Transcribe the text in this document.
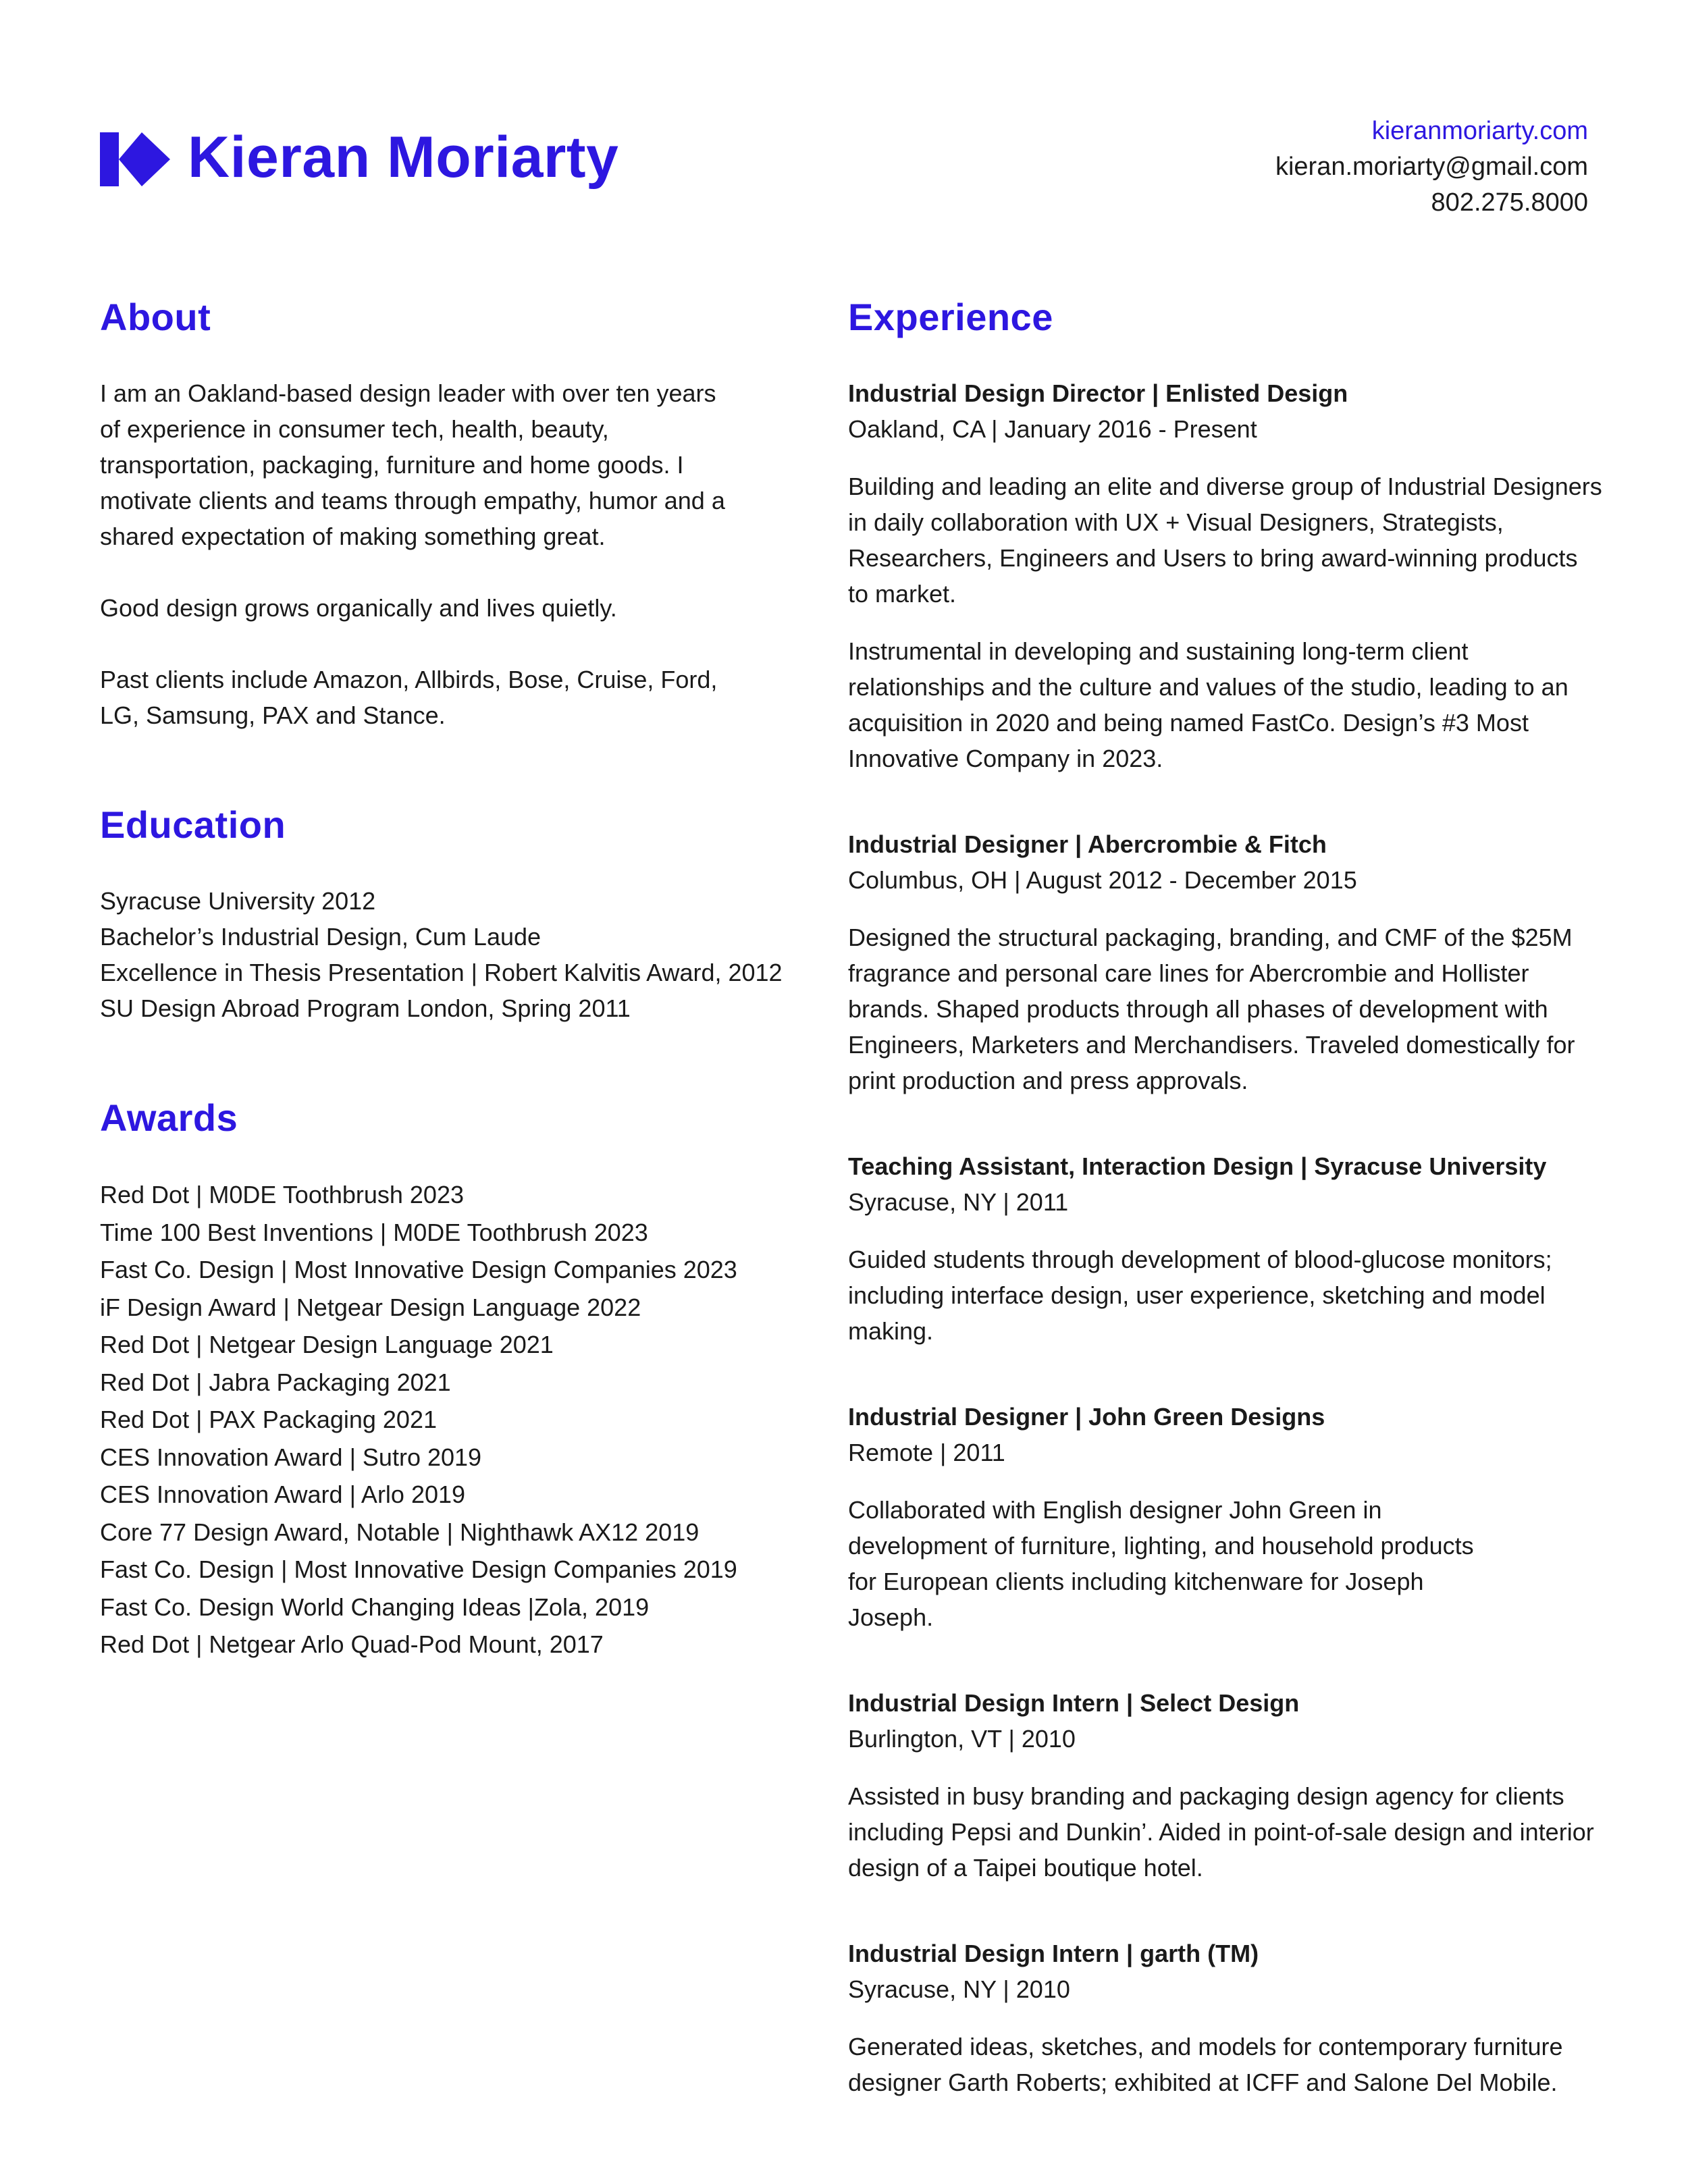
Kieran Moriarty	kieranmoriarty.com
kieran.moriarty@gmail.com
802.275.8000
About

I am an Oakland-based design leader with over ten years of experience in consumer tech, health, beauty, transportation, packaging, furniture and home goods. I motivate clients and teams through empathy, humor and a shared expectation of making something great.

Good design grows organically and lives quietly.

Past clients include Amazon, Allbirds, Bose, Cruise, Ford, LG, Samsung, PAX and Stance.

Education
Syracuse University 2012
Bachelor’s Industrial Design, Cum Laude
Excellence in Thesis Presentation | Robert Kalvitis Award, 2012
SU Design Abroad Program London, Spring 2011
Awards
Red Dot | M0DE Toothbrush 2023
Time 100 Best Inventions | M0DE Toothbrush 2023
Fast Co. Design | Most Innovative Design Companies 2023
iF Design Award | Netgear Design Language 2022
Red Dot | Netgear Design Language 2021
Red Dot | Jabra Packaging 2021
Red Dot | PAX Packaging 2021
CES Innovation Award | Sutro 2019
CES Innovation Award | Arlo 2019
Core 77 Design Award, Notable | Nighthawk AX12 2019
Fast Co. Design | Most Innovative Design Companies 2019
Fast Co. Design World Changing Ideas |Zola, 2019
Red Dot | Netgear Arlo Quad-Pod Mount, 2017
Experience
Industrial Design Director | Enlisted Design
Oakland, CA | January 2016 - Present
Building and leading an elite and diverse group of Industrial Designers in daily collaboration with UX + Visual Designers, Strategists, Researchers, Engineers and Users to bring award-winning products to market.
Instrumental in developing and sustaining long-term client relationships and the culture and values of the studio, leading to an acquisition in 2020 and being named FastCo. Design’s #3 Most Innovative Company in 2023.
Industrial Designer | Abercrombie & Fitch
Columbus, OH | August 2012 - December 2015
Designed the structural packaging, branding, and CMF of the $25M fragrance and personal care lines for Abercrombie and Hollister brands. Shaped products through all phases of development with Engineers, Marketers and Merchandisers. Traveled domestically for print production and press approvals.
Teaching Assistant, Interaction Design | Syracuse University
Syracuse, NY | 2011
Guided students through development of blood-glucose monitors; including interface design, user experience, sketching and model making.
Industrial Designer | John Green Designs
Remote | 2011
Collaborated with English designer John Green in development of furniture, lighting, and household products for European clients including kitchenware for Joseph Joseph.
Industrial Design Intern | Select Design
Burlington, VT | 2010
Assisted in busy branding and packaging design agency for clients including Pepsi and Dunkin’. Aided in point-of-sale design and interior design of a Taipei boutique hotel.
Industrial Design Intern | garth (TM)
Syracuse, NY | 2010
Generated ideas, sketches, and models for contemporary furniture designer Garth Roberts; exhibited at ICFF and Salone Del Mobile.
